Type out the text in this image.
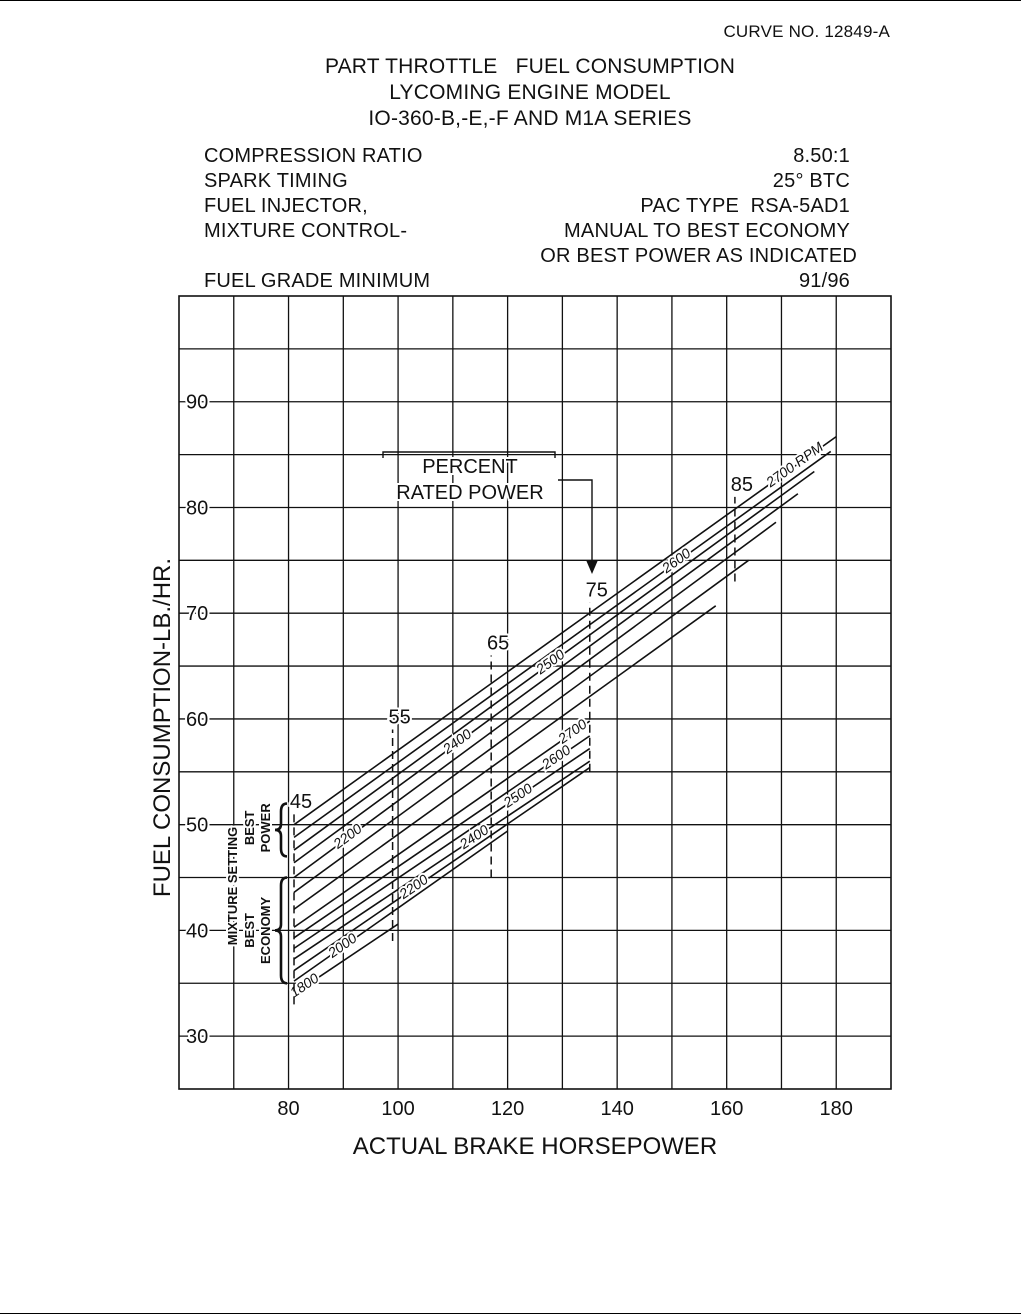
CURVE NO. 12849-A
PART THROTTLE   FUEL CONSUMPTION
LYCOMING ENGINE MODEL
IO-360-B,-E,-F AND M1A SERIES
COMPRESSION RATIO	8.50:1
SPARK TIMING	25° BTC
FUEL INJECTOR,	PAC TYPE  RSA-5AD1
MIXTURE CONTROL-	MANUAL TO BEST ECONOMY
OR BEST POWER AS INDICATED
FUEL GRADE MINIMUM	91/96
30
40
50
60
70
80
90
80	100	120	140	160	180
ACTUAL BRAKE HORSEPOWER
FUEL CONSUMPTION-LB./HR.
2700 RPM
2600
2500
2400
2200
2700
2600
2500
2400
2200
2000
1800
45
55
65
75
85
PERCENT
RATED POWER
MIXTURE SETTING BEST POWER
BEST ECONOMY
